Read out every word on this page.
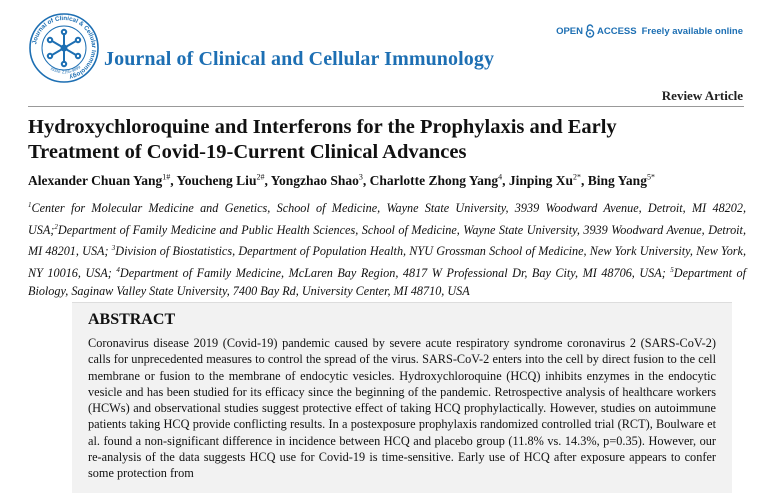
Journal of Clinical & Cellular Immunology
ISSN: 2155-9899 Journal of Clinical and Cellular Immunology
OPEN ACCESS Freely available online
Review Article
Hydroxychloroquine and Interferons for the Prophylaxis and Early
Treatment of Covid-19-Current Clinical Advances
Alexander Chuan Yang$^{1\#}$, Youcheng Liu$^{2\#}$, Yongzhao Shao$^3$, Charlotte Zhong Yang$^4$, Jinping $Xu^{2*}$, Bing Yang$^{5*}$
$^1$Center for Molecular Medicine and Genetics, School of Medicine, Wayne State University, 3939 Woodward Avenue, Detroit, MI 48202, USA;$^2$Department of Family Medicine and Public Health Sciences, School of Medicine, Wayne State University, 3939 Woodward Avenue, Detroit, MI 48201, USA; $^3$Division of Biostatistics, Department of Population Health, NYU Grossman School of Medicine, New York University, New York, NY 10016, USA; $^4$Department of Family Medicine, McLaren Bay Region, 4817 W Professional Dr, Bay City, MI 48706, USA; $^5$Department of Biology, Saginaw Valley State University, 7400 Bay Rd, University Center, MI 48710, USA
ABSTRACT
Coronavirus disease 2019 (Covid-19) pandemic caused by severe acute respiratory syndrome coronavirus 2 (SARS-CoV-2) calls for unprecedented measures to control the spread of the virus. SARS-CoV-2 enters into the cell by direct fusion to the cell membrane or fusion to the membrane of endocytic vesicles. Hydroxychloroquine (HCQ) inhibits enzymes in the endocytic vesicle and has been studied for its efficacy since the beginning of the pandemic. Retrospective analysis of healthcare workers (HCWs) and observational studies suggest protective effect of taking HCQ prophylactically. However, studies on autoimmune patients taking HCQ provide conflicting results. In a postexposure prophylaxis randomized controlled trial (RCT), Boulware et al. found a non-significant difference in incidence between HCQ and placebo group (11.8% vs. 14.3%, p=0.35). However, our re-analysis of the data suggests HCQ use for Covid-19 is time-sensitive. Early use of HCQ after exposure appears to confer some protection from
